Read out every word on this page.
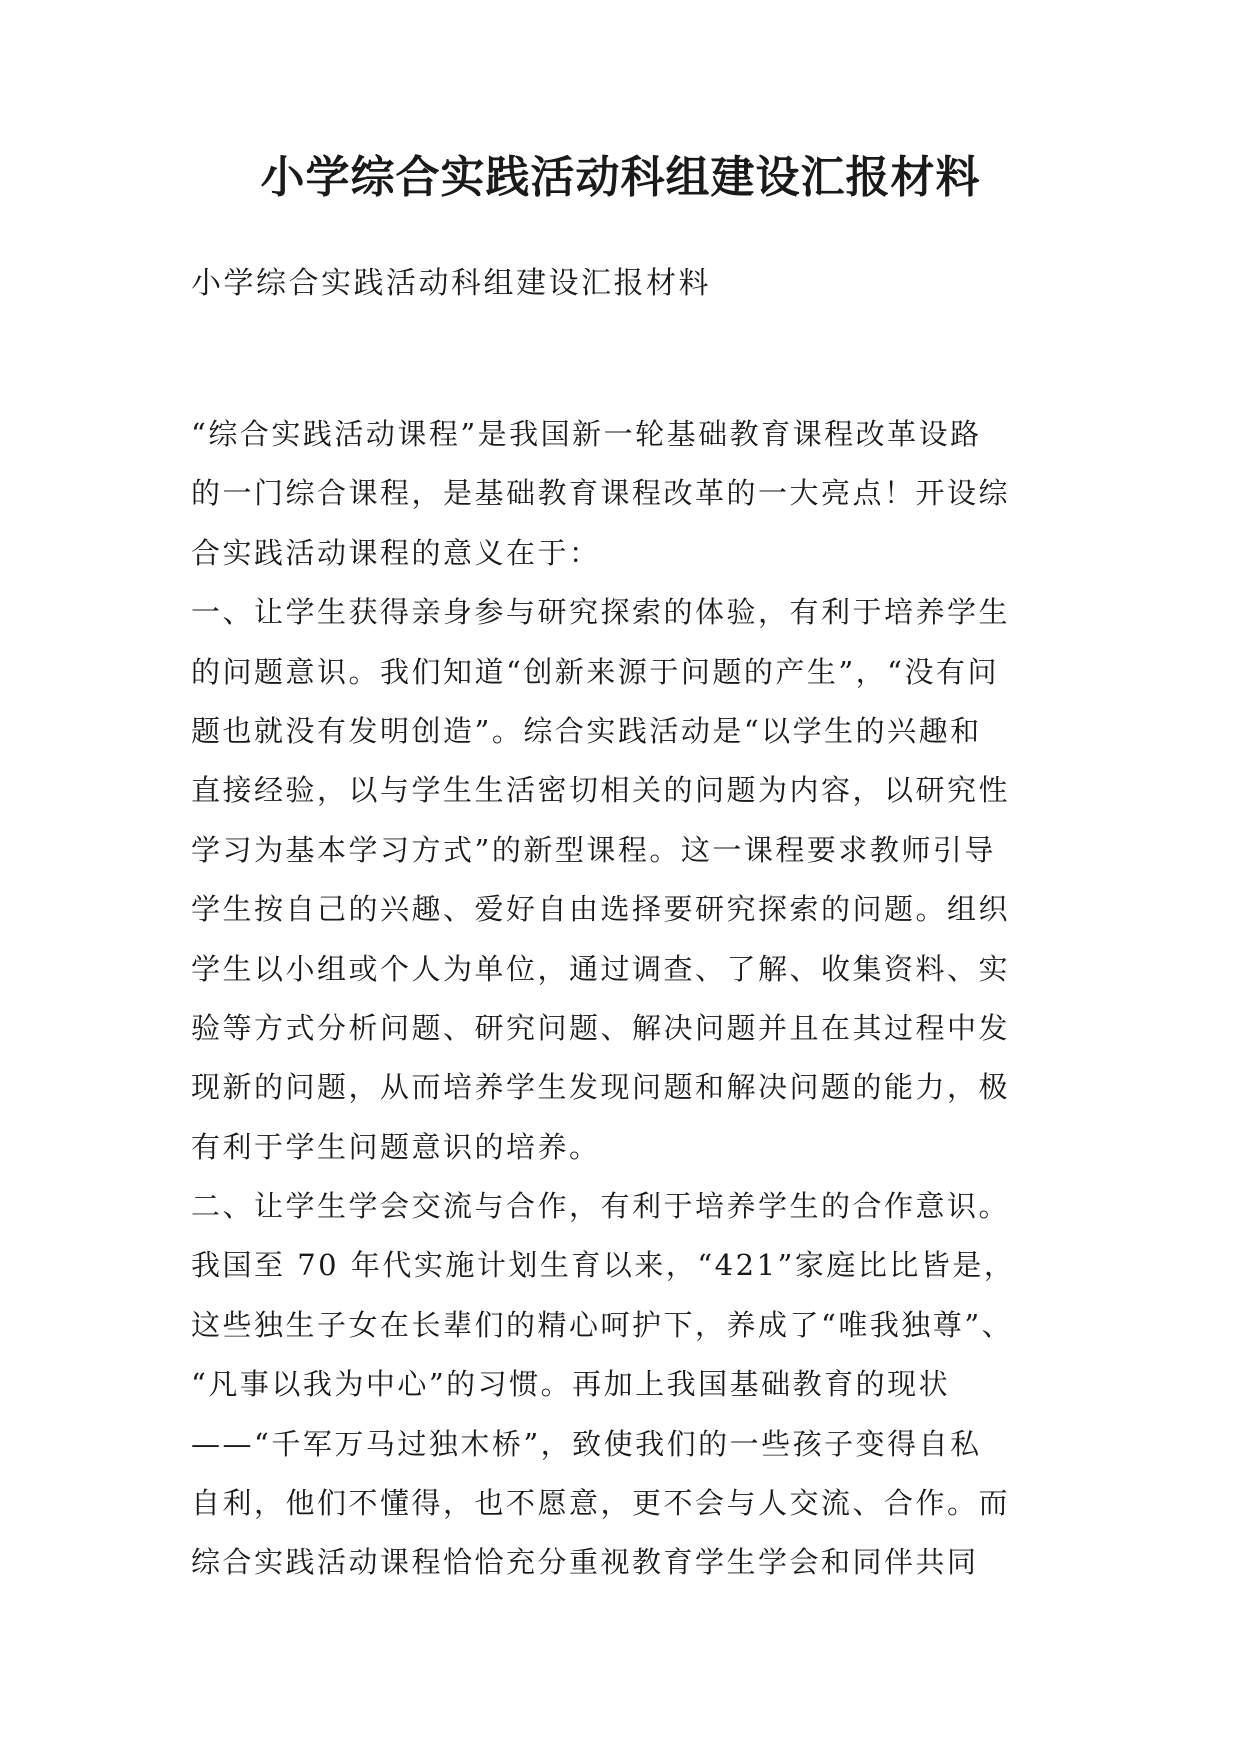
小学综合实践活动科组建设汇报材料

小学综合实践活动科组建设汇报材料

“综合实践活动课程”是我国新一轮基础教育课程改革设路
的一门综合课程，是基础教育课程改革的一大亮点！开设综
合实践活动课程的意义在于：
一、让学生获得亲身参与研究探索的体验，有利于培养学生
的问题意识。我们知道“创新来源于问题的产生”，“没有问
题也就没有发明创造”。综合实践活动是“以学生的兴趣和
直接经验，以与学生生活密切相关的问题为内容，以研究性
学习为基本学习方式”的新型课程。这一课程要求教师引导
学生按自己的兴趣、爱好自由选择要研究探索的问题。组织
学生以小组或个人为单位，通过调查、了解、收集资料、实
验等方式分析问题、研究问题、解决问题并且在其过程中发
现新的问题，从而培养学生发现问题和解决问题的能力，极
有利于学生问题意识的培养。
二、让学生学会交流与合作，有利于培养学生的合作意识。
我国至 70 年代实施计划生育以来，“421”家庭比比皆是，
这些独生子女在长辈们的精心呵护下，养成了“唯我独尊”、
“凡事以我为中心”的习惯。再加上我国基础教育的现状
——“千军万马过独木桥”，致使我们的一些孩子变得自私
自利，他们不懂得，也不愿意，更不会与人交流、合作。而
综合实践活动课程恰恰充分重视教育学生学会和同伴共同
